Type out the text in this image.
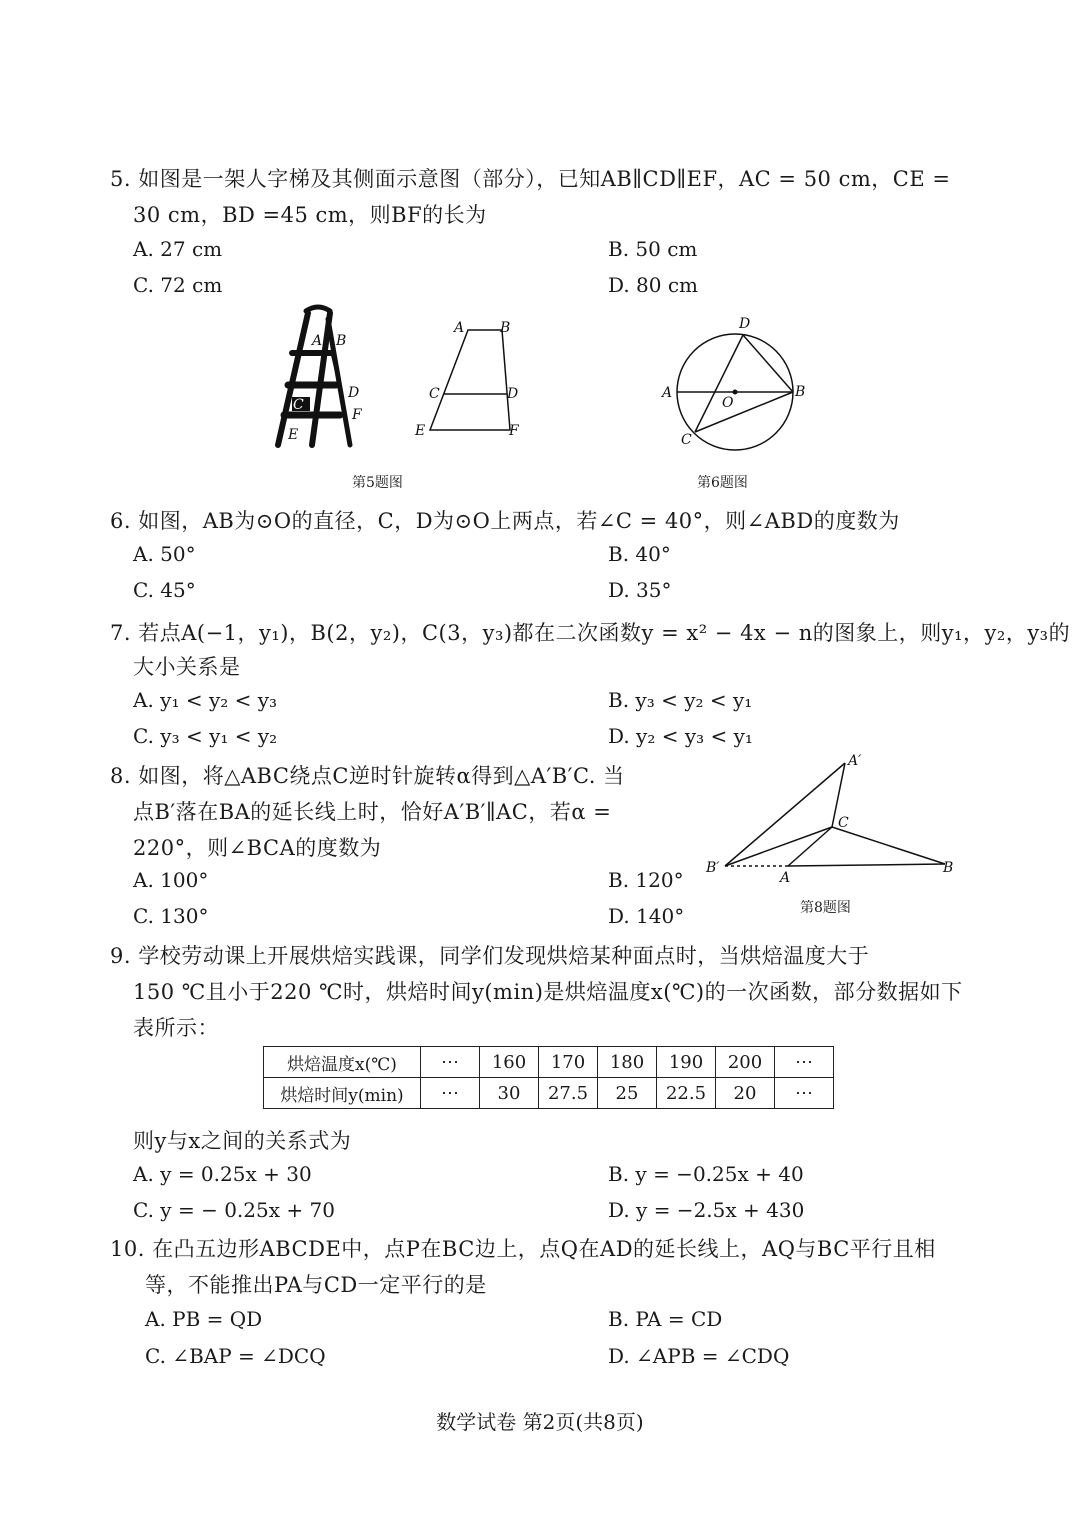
5. 如图是一架人字梯及其侧面示意图（部分），已知AB∥CD∥EF，AC = 50 cm，CE =
30 cm，BD =45 cm，则BF的长为
A. 27 cm	B. 50 cm
C. 72 cm	D. 80 cm
A B
C
D
F
E
A	B
C	D
E	F
第5题图
D
A	B
O
C
第6题图
6. 如图，AB为⊙O的直径，C，D为⊙O上两点，若∠C = 40°，则∠ABD的度数为
A. 50°	B. 40°
C. 45°	D. 35°
7. 若点A(−1，y₁)，B(2，y₂)，C(3，y₃)都在二次函数y = x² − 4x − n的图象上，则y₁，y₂，y₃的
大小关系是
A. y₁ < y₂ < y₃	B. y₃ < y₂ < y₁
C. y₃ < y₁ < y₂	D. y₂ < y₃ < y₁
8. 如图，将△ABC绕点C逆时针旋转α得到△A′B′C. 当
点B′落在BA的延长线上时，恰好A′B′∥AC，若α =
220°，则∠BCA的度数为
A. 100°	B. 120°
C. 130°	D. 140°
A′
C
B′
A
B
第8题图
9. 学校劳动课上开展烘焙实践课，同学们发现烘焙某种面点时，当烘焙温度大于
150 ℃且小于220 ℃时，烘焙时间y(min)是烘焙温度x(℃)的一次函数，部分数据如下
表所示：
烘焙温度x(℃)	⋯	160	170	180	190	200	⋯
烘焙时间y(min)	⋯	30	27.5	25	22.5	20	⋯
则y与x之间的关系式为
A. y = 0.25x + 30	B. y = −0.25x + 40
C. y = − 0.25x + 70	D. y = −2.5x + 430
10. 在凸五边形ABCDE中，点P在BC边上，点Q在AD的延长线上，AQ与BC平行且相
等，不能推出PA与CD一定平行的是
A. PB = QD	B. PA = CD
C. ∠BAP = ∠DCQ	D. ∠APB = ∠CDQ
数学试卷 第2页(共8页)
